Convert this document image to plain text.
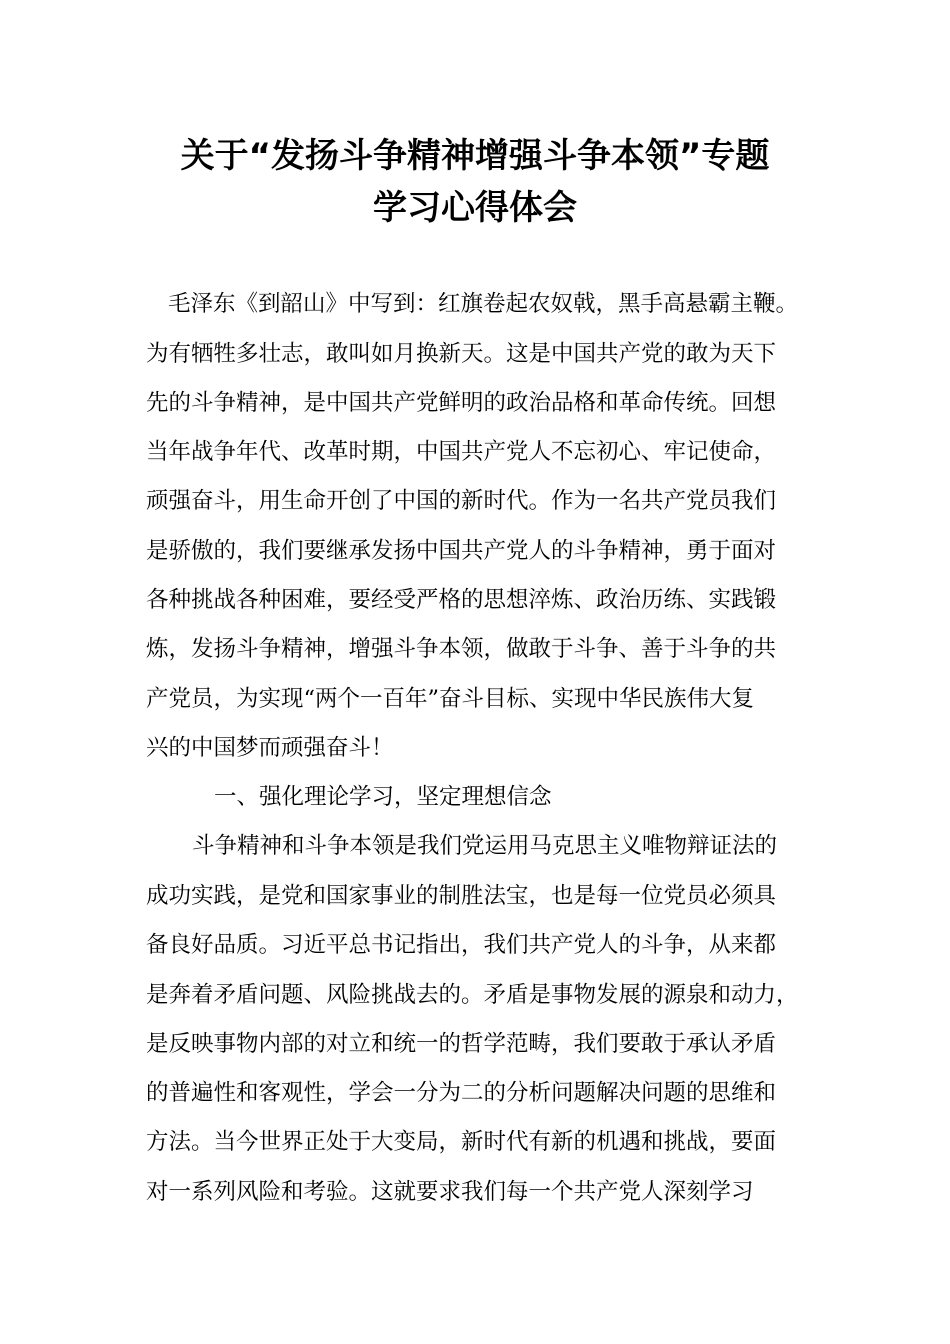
关于“发扬斗争精神增强斗争本领”专题
学习心得体会

毛泽东《到韶山》中写到：红旗卷起农奴戟，黑手高悬霸主鞭。

为有牺牲多壮志，敢叫如月换新天。这是中国共产党的敢为天下

先的斗争精神，是中国共产党鲜明的政治品格和革命传统。回想

当年战争年代、改革时期，中国共产党人不忘初心、牢记使命，

顽强奋斗，用生命开创了中国的新时代。作为一名共产党员我们

是骄傲的，我们要继承发扬中国共产党人的斗争精神，勇于面对

各种挑战各种困难，要经受严格的思想淬炼、政治历练、实践锻

炼，发扬斗争精神，增强斗争本领，做敢于斗争、善于斗争的共

产党员，为实现“两个一百年”奋斗目标、实现中华民族伟大复

兴的中国梦而顽强奋斗！

一、强化理论学习，坚定理想信念

斗争精神和斗争本领是我们党运用马克思主义唯物辩证法的

成功实践，是党和国家事业的制胜法宝，也是每一位党员必须具

备良好品质。习近平总书记指出，我们共产党人的斗争，从来都

是奔着矛盾问题、风险挑战去的。矛盾是事物发展的源泉和动力，

是反映事物内部的对立和统一的哲学范畴，我们要敢于承认矛盾

的普遍性和客观性，学会一分为二的分析问题解决问题的思维和

方法。当今世界正处于大变局，新时代有新的机遇和挑战，要面

对一系列风险和考验。这就要求我们每一个共产党人深刻学习
